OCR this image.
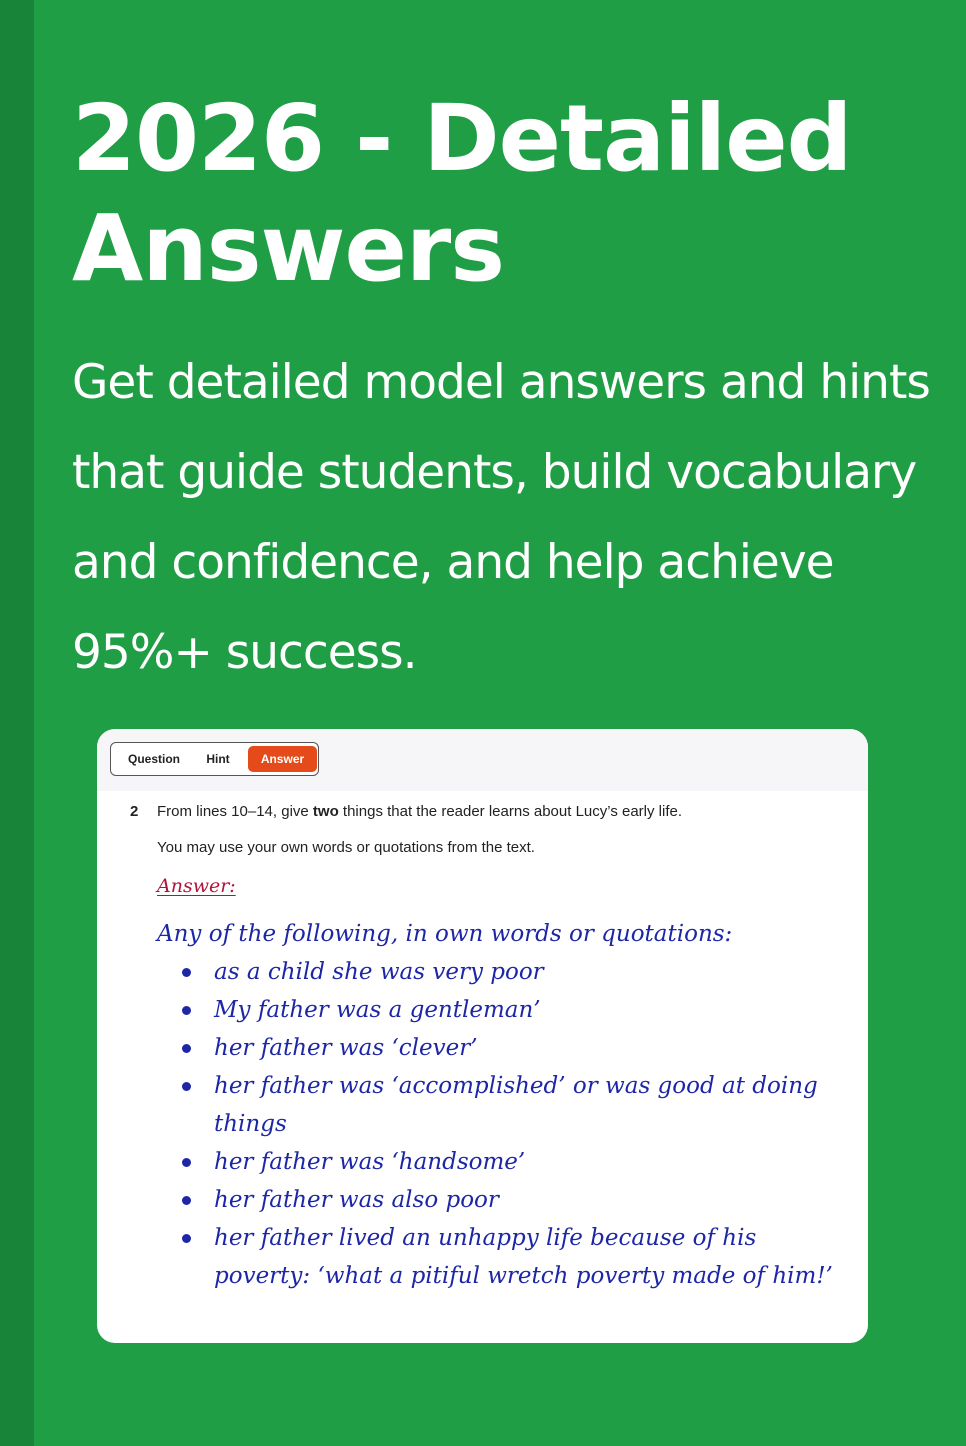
2026 - Detailed Answers

Get detailed model answers and hints that guide students, build vocabulary and confidence, and help achieve 95%+ success.

Question	Hint	Answer
2 From lines 10–14, give two things that the reader learns about Lucy’s early life.
You may use your own words or quotations from the text.
Answer:
Any of the following, in own words or quotations:
as a child she was very poor
My father was a gentleman’
her father was ‘clever’
her father was ‘accomplished’ or was good at doing things
her father was ‘handsome’
her father was also poor
her father lived an unhappy life because of his poverty: ‘what a pitiful wretch poverty made of him!’
